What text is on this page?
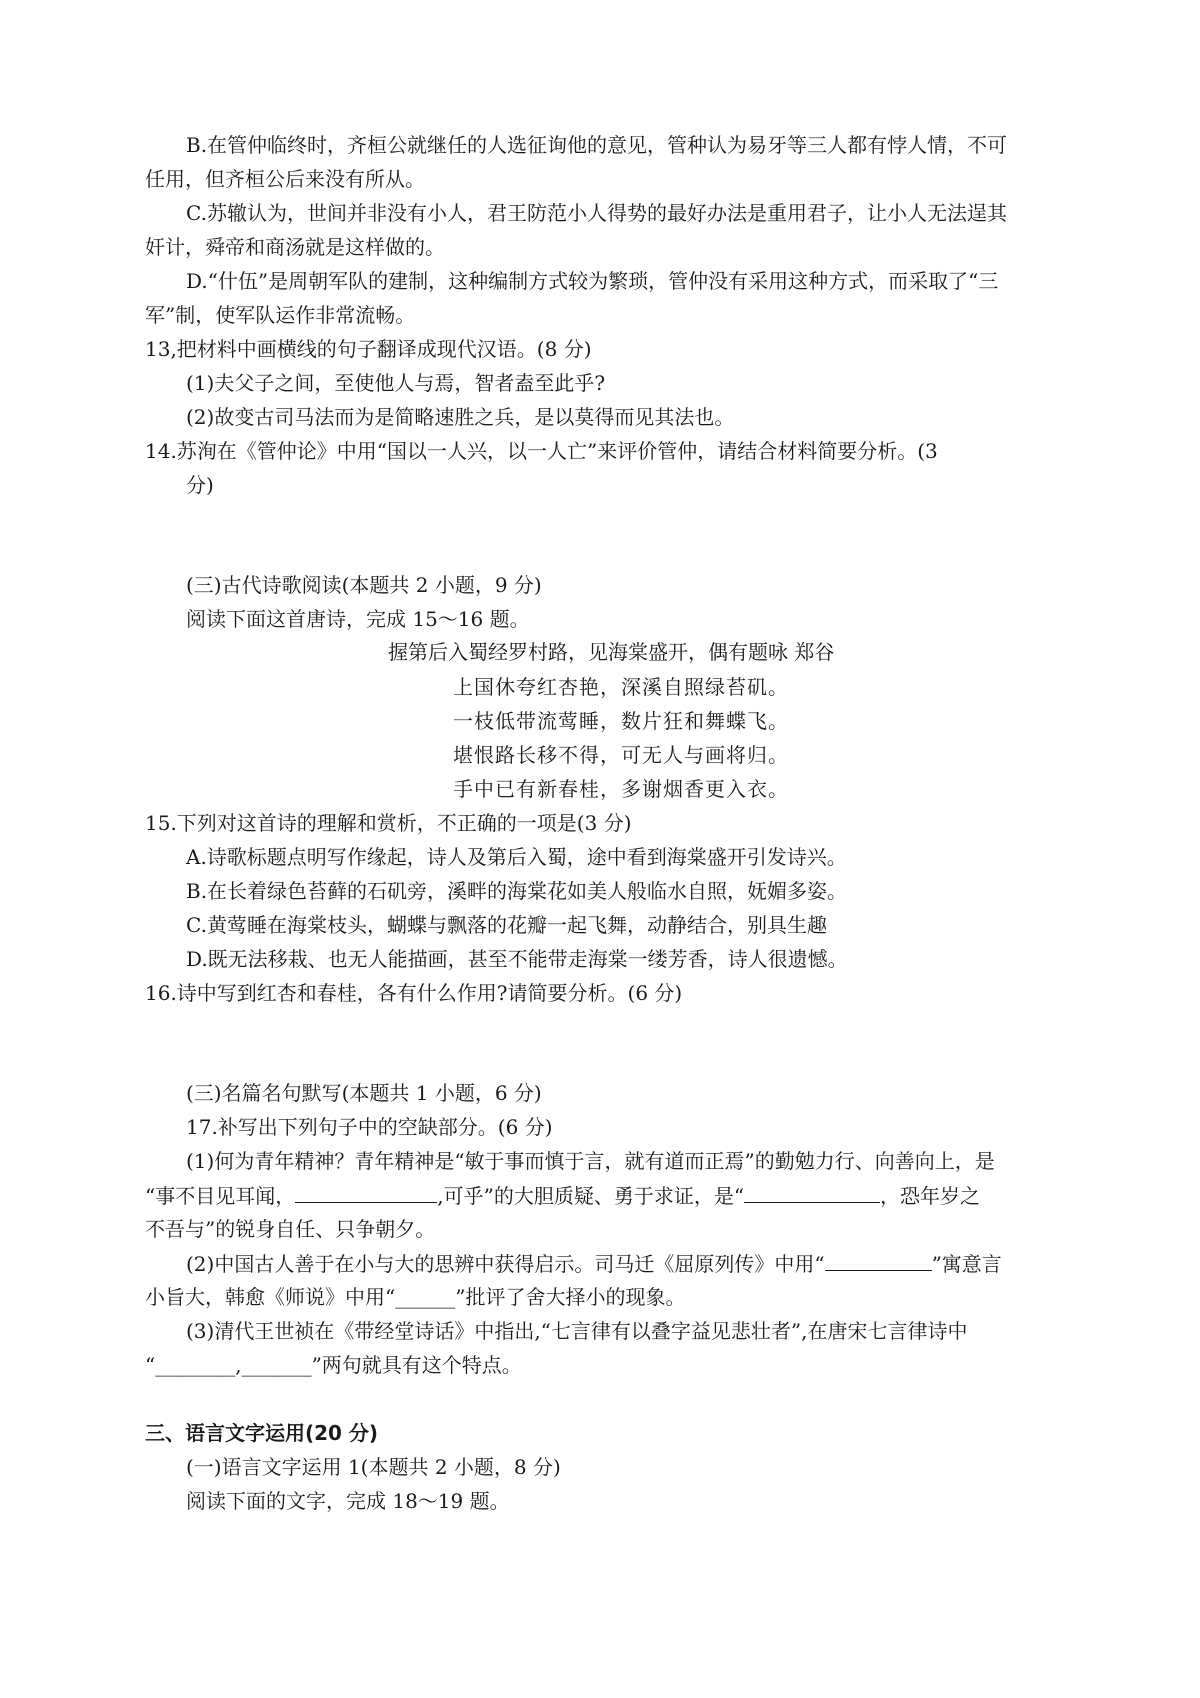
B.在管仲临终时，齐桓公就继任的人选征询他的意见，管种认为易牙等三人都有悖人情，不可
任用，但齐桓公后来没有所从。
C.苏辙认为，世间并非没有小人，君王防范小人得势的最好办法是重用君子，让小人无法逞其
奸计，舜帝和商汤就是这样做的。
D.“什伍”是周朝军队的建制，这种编制方式较为繁琐，管仲没有采用这种方式，而采取了“三
军”制，使军队运作非常流畅。
13,把材料中画横线的句子翻译成现代汉语。(8 分)
(1)夫父子之间，至使他人与焉，智者盍至此乎?
(2)故变古司马法而为是简略速胜之兵，是以莫得而见其法也。
14.苏洵在《管仲论》中用“国以一人兴，以一人亡”来评价管仲，请结合材料简要分析。(3
分)
(三)古代诗歌阅读(本题共 2 小题，9 分)
阅读下面这首唐诗，完成 15～16 题。
握第后入蜀经罗村路，见海棠盛开，偶有题咏 郑谷
上国休夸红杏艳，深溪自照绿苔矶。
一枝低带流莺睡，数片狂和舞蝶飞。
堪恨路长移不得，可无人与画将归。
手中已有新春桂，多谢烟香更入衣。
15.下列对这首诗的理解和赏析，不正确的一项是(3 分)
A.诗歌标题点明写作缘起，诗人及第后入蜀，途中看到海棠盛开引发诗兴。
B.在长着绿色苔藓的石矶旁，溪畔的海棠花如美人般临水自照，妩媚多姿。
C.黄莺睡在海棠枝头，蝴蝶与飘落的花瓣一起飞舞，动静结合，别具生趣
D.既无法移栽、也无人能描画，甚至不能带走海棠一缕芳香，诗人很遗憾。
16.诗中写到红杏和春桂，各有什么作用?请简要分析。(6 分)
(三)名篇名句默写(本题共 1 小题，6 分)
17.补写出下列句子中的空缺部分。(6 分)
(1)何为青年精神？青年精神是“敏于事而慎于言，就有道而正焉”的勤勉力行、向善向上，是
“事不目见耳闻，	,可乎”的大胆质疑、勇于求证，是“	，恐年岁之
不吾与”的锐身自任、只争朝夕。
(2)中国古人善于在小与大的思辨中获得启示。司马迁《屈原列传》中用“	”寓意言
小旨大，韩愈《师说》中用“______”批评了舍大择小的现象。
(3)清代王世祯在《带经堂诗话》中指出,“七言律有以叠字益见悲壮者”,在唐宋七言律诗中
“________,_______”两句就具有这个特点。
三、语言文字运用(20 分)
(一)语言文字运用 1(本题共 2 小题，8 分)
阅读下面的文字，完成 18～19 题。
